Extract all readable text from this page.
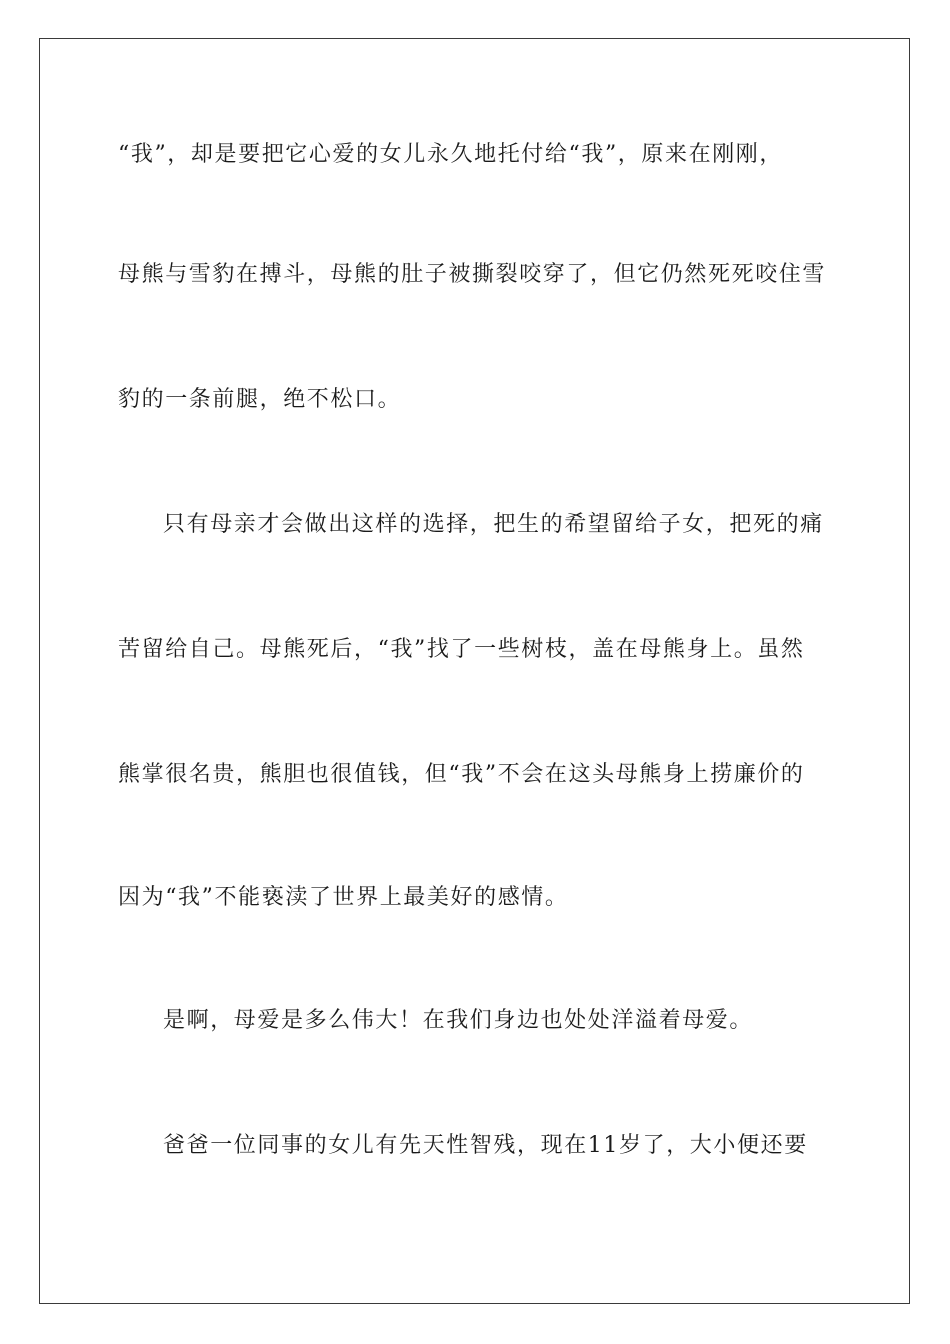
“我”，却是要把它心爱的女儿永久地托付给“我”，原来在刚刚，
母熊与雪豹在搏斗，母熊的肚子被撕裂咬穿了，但它仍然死死咬住雪
豹的一条前腿，绝不松口。
只有母亲才会做出这样的选择，把生的希望留给子女，把死的痛
苦留给自己。母熊死后，“我”找了一些树枝，盖在母熊身上。虽然
熊掌很名贵，熊胆也很值钱，但“我”不会在这头母熊身上捞廉价的
因为“我”不能亵渎了世界上最美好的感情。
是啊，母爱是多么伟大！在我们身边也处处洋溢着母爱。
爸爸一位同事的女儿有先天性智残，现在11岁了，大小便还要
